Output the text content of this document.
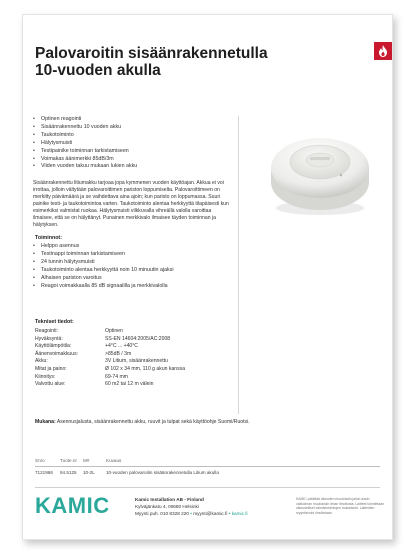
Palovaroitin sisäänrakennetulla 10-vuoden akulla
• Optinen reagointi
• Sisäänrakennettu 10 vuoden akku
• Taukotoiminto
• Hälytysmuisti
• Testipainike toiminnan tarkistamiseen
• Voimakas äänimerkki 85dB/3m
• Viiden vuoden takuu mukaan lukien akku

Sisäänrakennettu litiumakku tarjoaa jopa kymmenen vuoden käyttöajan. Akkua ei voi irrottaa, jolloin vältytään palovaroittimen pariston loppumiselta. Palovaroittimeen on merkitty päivämäärä ja se vaihdettava aina ajoin; kun paristo on loppumassa. Suuri painike testi- ja taukotoimintoa varten. Taukotoiminto alentaa herkkyyttä tilapäisesti kun esimerkiksi valmistat ruokaa. Hälytysmuisti vilkkuvalla vihreällä valolla varoittaa ilmaisee, että se on hälyttänyt. Punainen merkkivalo ilmaisee täyden toiminnan ja hälytyksen.

Toiminnot:

• Helppo asennus
• Testinappi toiminnan tarkistamiseen
• 24 tunnin hälytysmuisti
• Taukotoiminto alentaa herkkyyttä noin 10 minuutin ajaksi
• Alhaisen pariston varoitus
• Reagoi voimakkaalla 85 dB signaalilla ja merkkivalolla

Tekniset tiedot:

Reagointi:	Optinen
Hyväksyntä:	SS-EN 14604:2005/AC:2008
Käyttölämpötila:	+4°C ... +40°C
Äänenvoimakkuus:	>85dB / 3m
Akku:	3V Litium, sisäänrakennettu
Mitat ja paino:	Ø 102 x 34 mm, 110 g akun kanssa
Kiinnitys:	69-74 mm
Valvottu alue:	60 m2 tai 12 m välein

Mukana: Asennusjalusta, sisäänrakennettu akku, ruuvit ja tulpat sekä käyttöohje Suomi/Ruotsi.

Snro	Tuote.nr	M#	Kuvaus
7121966	94.5125	10-2L	10-vuoden palovaroitin sisäänrakennetulla Litium akulla
KAMIC	Kamic Installation AB - Finland
Kylväjänkatu 4, 00680 Helsinki
Myynti puh. 010 8328 220 • myynti@kamic.fi • kamic.fi
KAMIC pidättää oikeuden muutoksiin ja/tai uusiin valikoiman muutoksiin ilman ilmoitusta. Laitteet toimitetaan oikeudelliset valmistusehtojen mukaisesti. Laitteiden myyntiehdot ilmoitetaan.
